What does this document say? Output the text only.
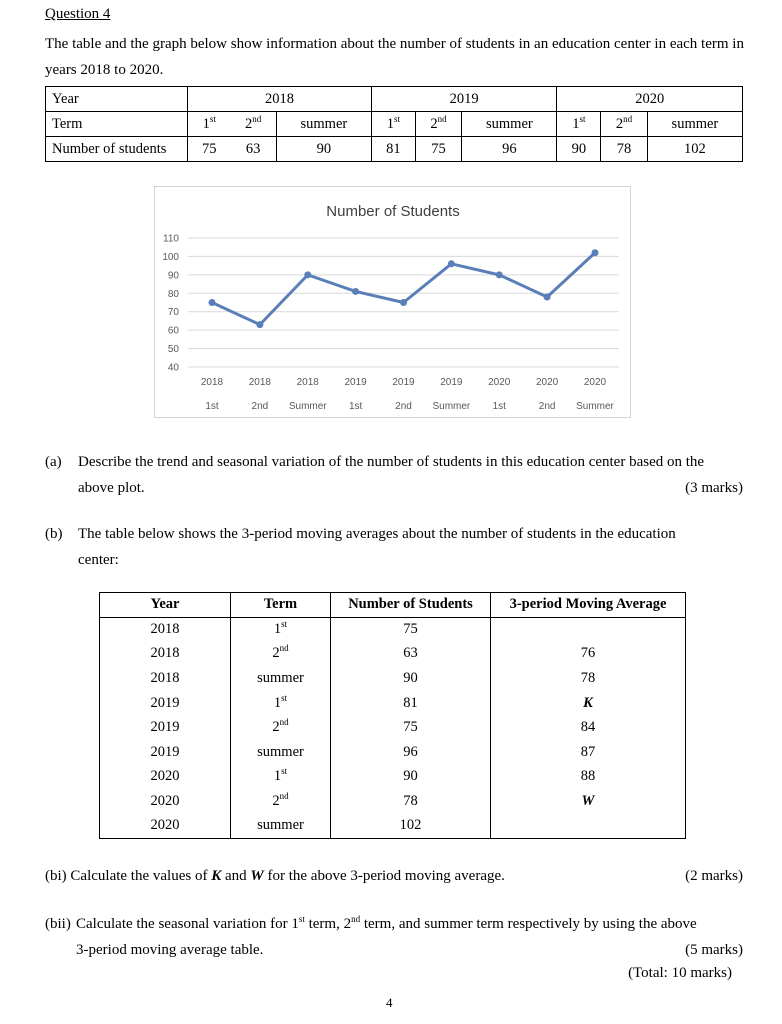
Question 4
The table and the graph below show information about the number of students in an education center in each term in years 2018 to 2020.
Year	2018			2019			2020		
Term	1st	2nd	summer	1st	2nd	summer	1st	2nd	summer
Number of students	75	63	90	81	75	96	90	78	102
Number of Students
40
50
60
70
80
90
100
110
2018
1st
2018
2nd
2018
Summer
2019
1st
2019
2nd
2019
Summer
2020
1st
2020
2nd
2020
Summer
(a) Describe the trend and seasonal variation of the number of students in this education center based on the
above plot.	(3 marks)
(b) The table below shows the 3-period moving averages about the number of students in the education
center:
Year	Term	Number of Students	3-period Moving Average
2018	1st	75	
2018	2nd	63	76
2018	summer	90	78
2019	1st	81	K
2019	2nd	75	84
2019	summer	96	87
2020	1st	90	88
2020	2nd	78	W
2020	summer	102	
(bi) Calculate the values of K and W for the above 3-period moving average.	(2 marks)
(bii) Calculate the seasonal variation for 1st term, 2nd term, and summer term respectively by using the above
3-period moving average table.	(5 marks)
(Total: 10 marks)
4
